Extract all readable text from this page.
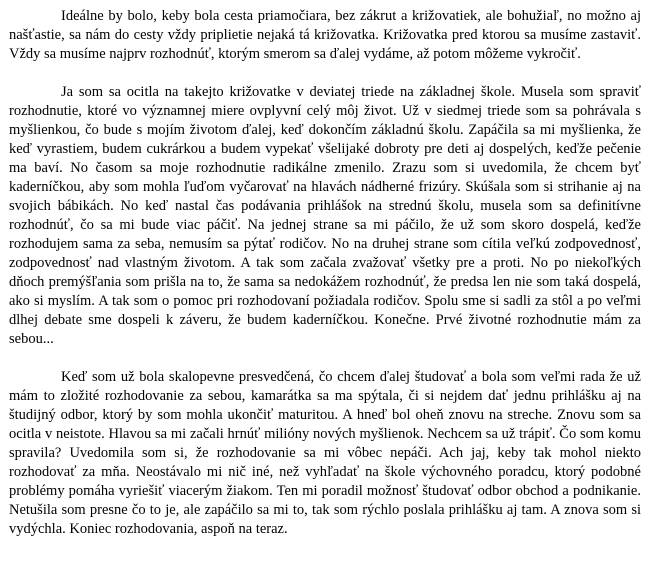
Ideálne by bolo, keby bola cesta priamočiara, bez zákrut a križovatiek, ale bohužiaľ, no možno aj našťastie, sa nám do cesty vždy priplietie nejaká tá križovatka. Križovatka pred ktorou sa musíme zastaviť. Vždy sa musíme najprv rozhodnúť, ktorým smerom sa ďalej vydáme, až potom môžeme vykročiť.

Ja som sa ocitla na takejto križovatke v deviatej triede na základnej škole. Musela som spraviť rozhodnutie, ktoré vo významnej miere ovplyvní celý môj život. Už v siedmej triede som sa pohrávala s myšlienkou, čo bude s mojím životom ďalej, keď dokončím základnú školu. Zapáčila sa mi myšlienka, že keď vyrastiem, budem cukrárkou a budem vypekať všelijaké dobroty pre deti aj dospelých, keďže pečenie ma baví. No časom sa moje rozhodnutie radikálne zmenilo. Zrazu som si uvedomila, že chcem byť kaderníčkou, aby som mohla ľuďom vyčarovať na hlavách nádherné frizúry. Skúšala som si strihanie aj na svojich bábikách. No keď nastal čas podávania prihlášok na strednú školu, musela som sa definitívne rozhodnúť, čo sa mi bude viac páčiť. Na jednej strane sa mi páčilo, že už som skoro dospelá, keďže rozhodujem sama za seba, nemusím sa pýtať rodičov. No na druhej strane som cítila veľkú zodpovednosť, zodpovednosť nad vlastným životom. A tak som začala zvažovať všetky pre a proti. No po niekoľkých dňoch premýšľania som prišla na to, že sama sa nedokážem rozhodnúť, že predsa len nie som taká dospelá, ako si myslím. A tak som o pomoc pri rozhodovaní požiadala rodičov. Spolu sme si sadli za stôl a po veľmi dlhej debate sme dospeli k záveru, že budem kaderníčkou. Konečne. Prvé životné rozhodnutie mám za sebou...

Keď som už bola skalopevne presvedčená, čo chcem ďalej študovať a bola som veľmi rada že už mám to zložité rozhodovanie za sebou, kamarátka sa ma spýtala, či si nejdem dať jednu prihlášku aj na študijný odbor, ktorý by som mohla ukončiť maturitou. A hneď bol oheň znovu na streche. Znovu som sa ocitla v neistote. Hlavou sa mi začali hrnúť milióny nových myšlienok. Nechcem sa už trápiť. Čo som komu spravila? Uvedomila som si, že rozhodovanie sa mi vôbec nepáči. Ach jaj, keby tak mohol niekto rozhodovať za mňa. Neostávalo mi nič iné, než vyhľadať na škole výchovného poradcu, ktorý podobné problémy pomáha vyriešiť viacerým žiakom. Ten mi poradil možnosť študovať odbor obchod a podnikanie. Netušila som presne čo to je, ale zapáčilo sa mi to, tak som rýchlo poslala prihlášku aj tam. A znova som si vydýchla. Koniec rozhodovania, aspoň na teraz.
